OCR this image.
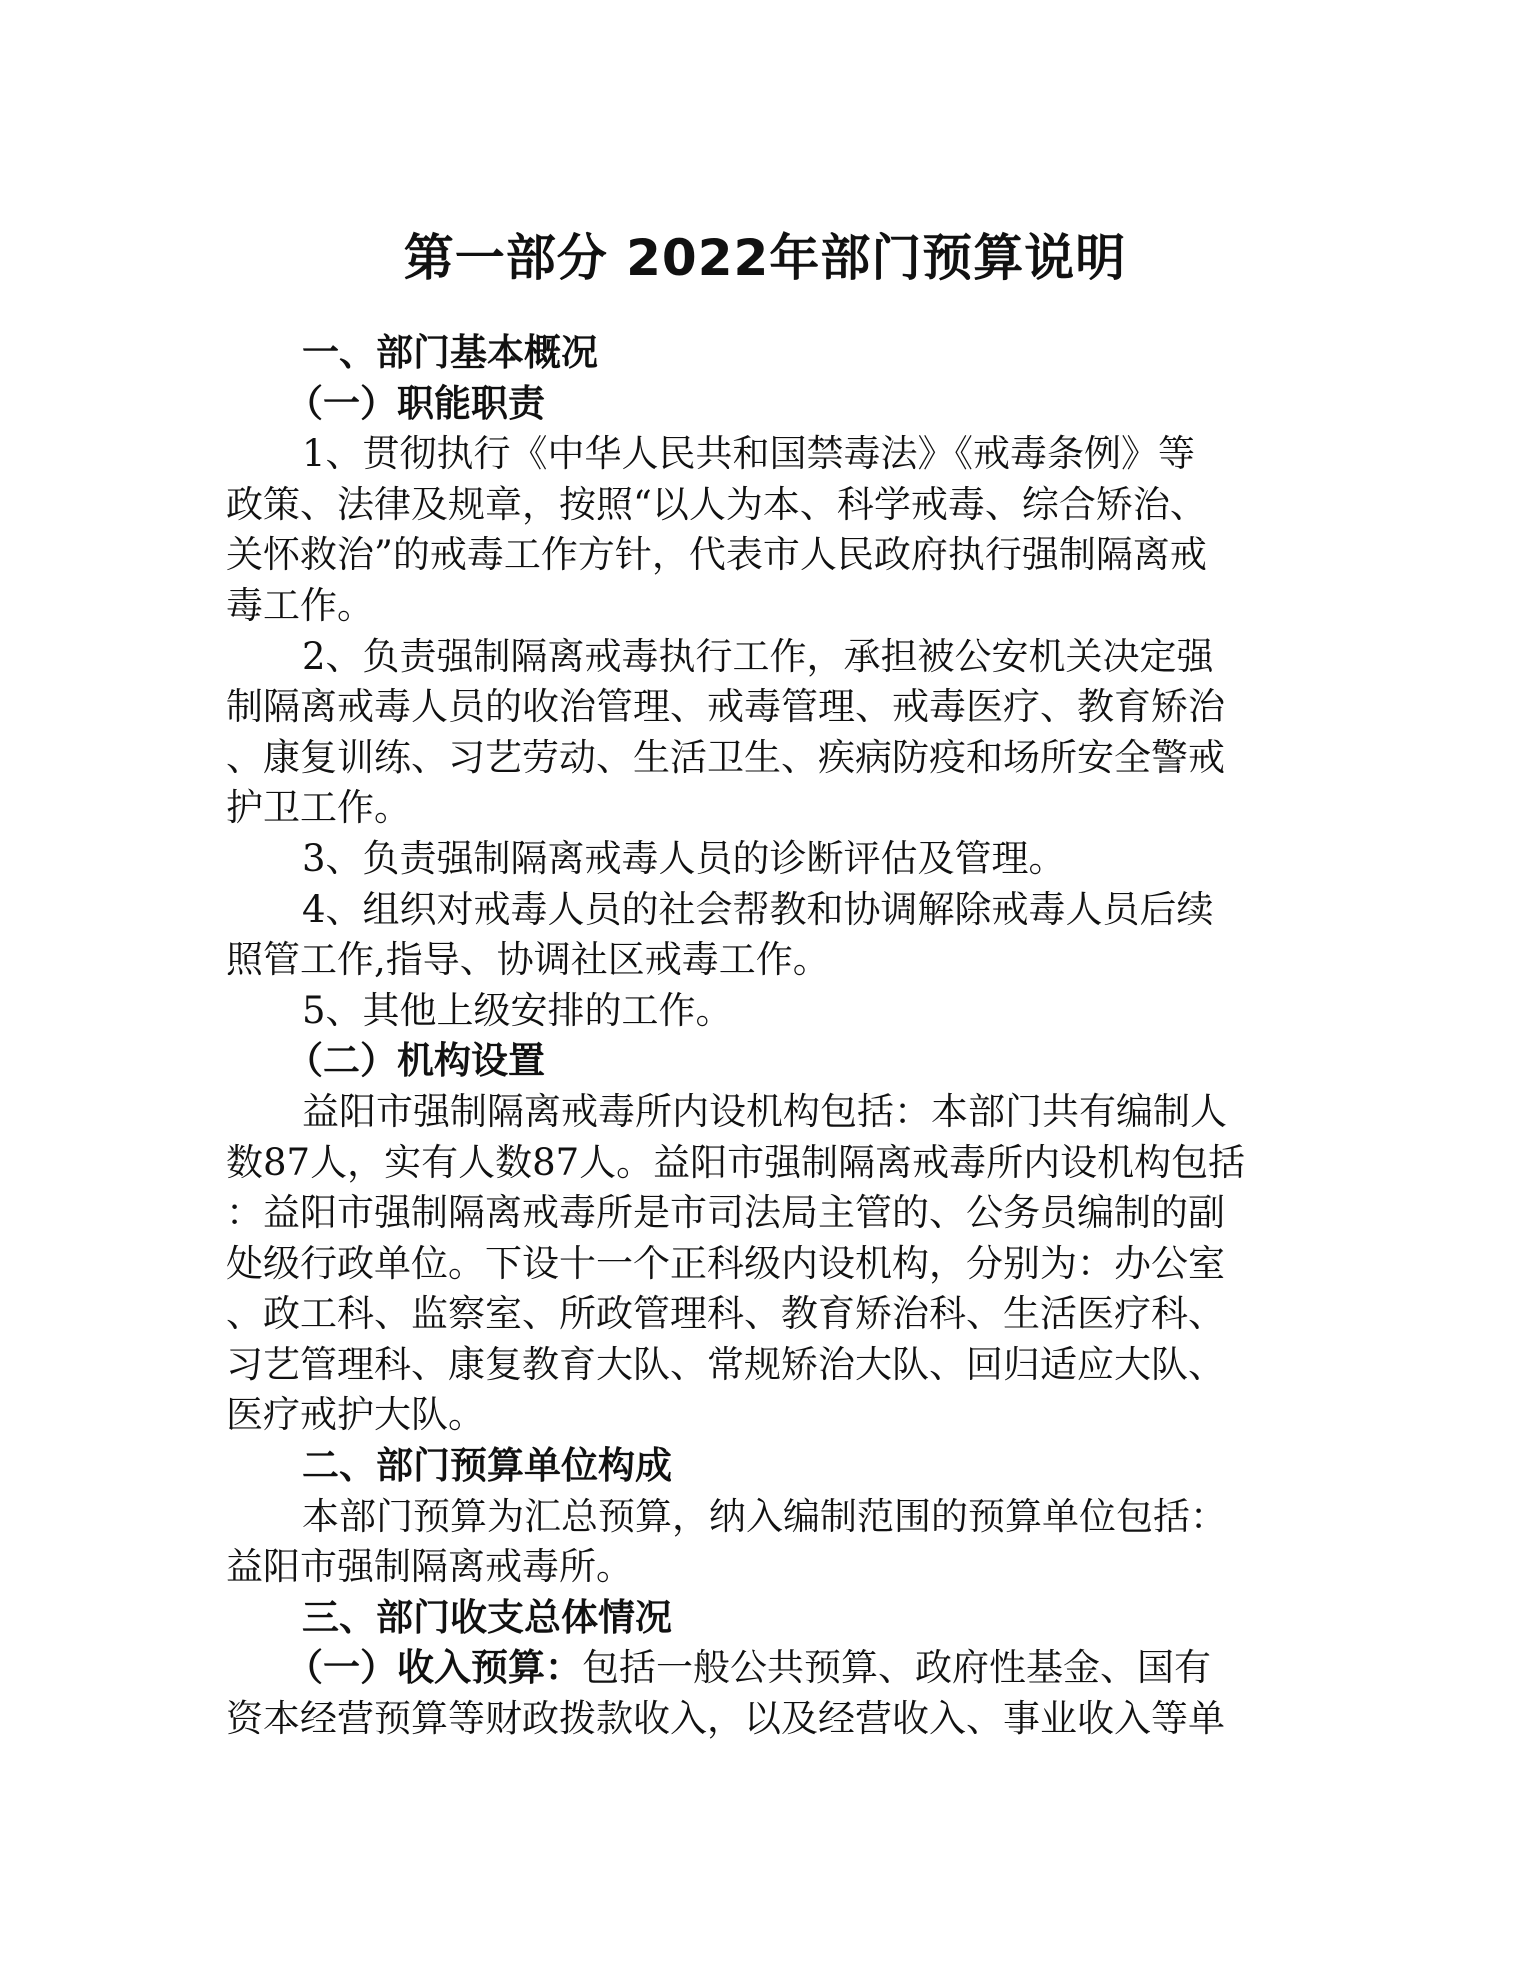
第一部分 2022年部门预算说明

一、部门基本概况

（一）职能职责

1、贯彻执行《中华人民共和国禁毒法》《戒毒条例》等

政策、法律及规章，按照“以人为本、科学戒毒、综合矫治、

关怀救治”的戒毒工作方针，代表市人民政府执行强制隔离戒

毒工作。

2、负责强制隔离戒毒执行工作，承担被公安机关决定强

制隔离戒毒人员的收治管理、戒毒管理、戒毒医疗、教育矫治

、康复训练、习艺劳动、生活卫生、疾病防疫和场所安全警戒

护卫工作。

3、负责强制隔离戒毒人员的诊断评估及管理。

4、组织对戒毒人员的社会帮教和协调解除戒毒人员后续

照管工作,指导、协调社区戒毒工作。

5、其他上级安排的工作。

（二）机构设置

益阳市强制隔离戒毒所内设机构包括：本部门共有编制人

数87人，实有人数87人。益阳市强制隔离戒毒所内设机构包括

：益阳市强制隔离戒毒所是市司法局主管的、公务员编制的副

处级行政单位。下设十一个正科级内设机构，分别为：办公室

、政工科、监察室、所政管理科、教育矫治科、生活医疗科、

习艺管理科、康复教育大队、常规矫治大队、回归适应大队、

医疗戒护大队。

二、部门预算单位构成

本部门预算为汇总预算，纳入编制范围的预算单位包括：

益阳市强制隔离戒毒所。

三、部门收支总体情况

（一）收入预算：包括一般公共预算、政府性基金、国有

资本经营预算等财政拨款收入，以及经营收入、事业收入等单
